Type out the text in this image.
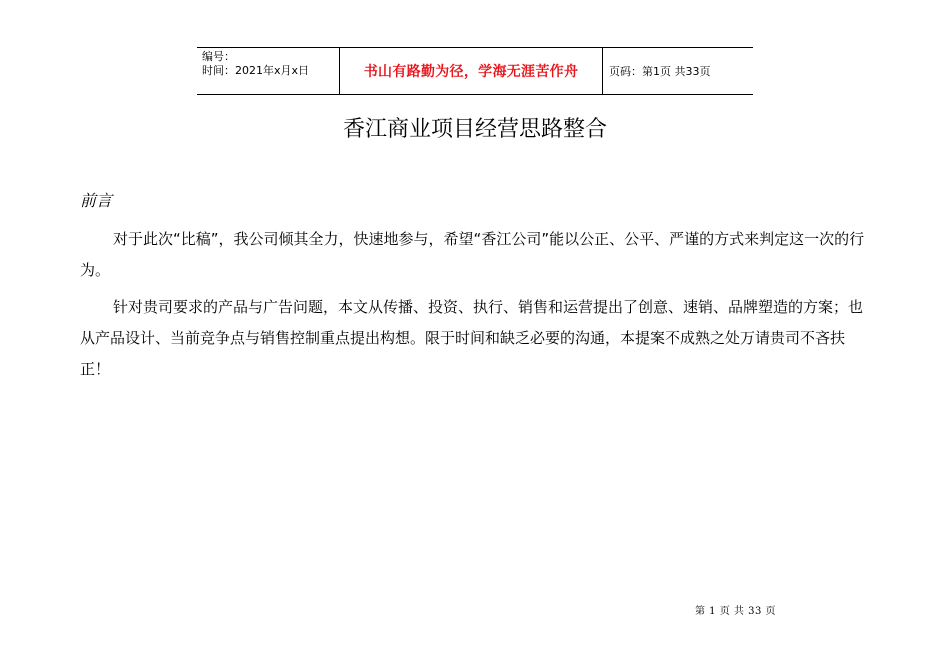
编号：
时间：2021年x月x日	书山有路勤为径，学海无涯苦作舟	页码：第1页 共33页
香江商业项目经营思路整合
前言

对于此次“比稿”，我公司倾其全力，快速地参与，希望“香江公司”能以公正、公平、严谨的方式来判定这一次的行为。

针对贵司要求的产品与广告问题，本文从传播、投资、执行、销售和运营提出了创意、速销、品牌塑造的方案；也从产品设计、当前竞争点与销售控制重点提出构想。限于时间和缺乏必要的沟通，本提案不成熟之处万请贵司不吝扶正！

第 1 页 共 33 页
